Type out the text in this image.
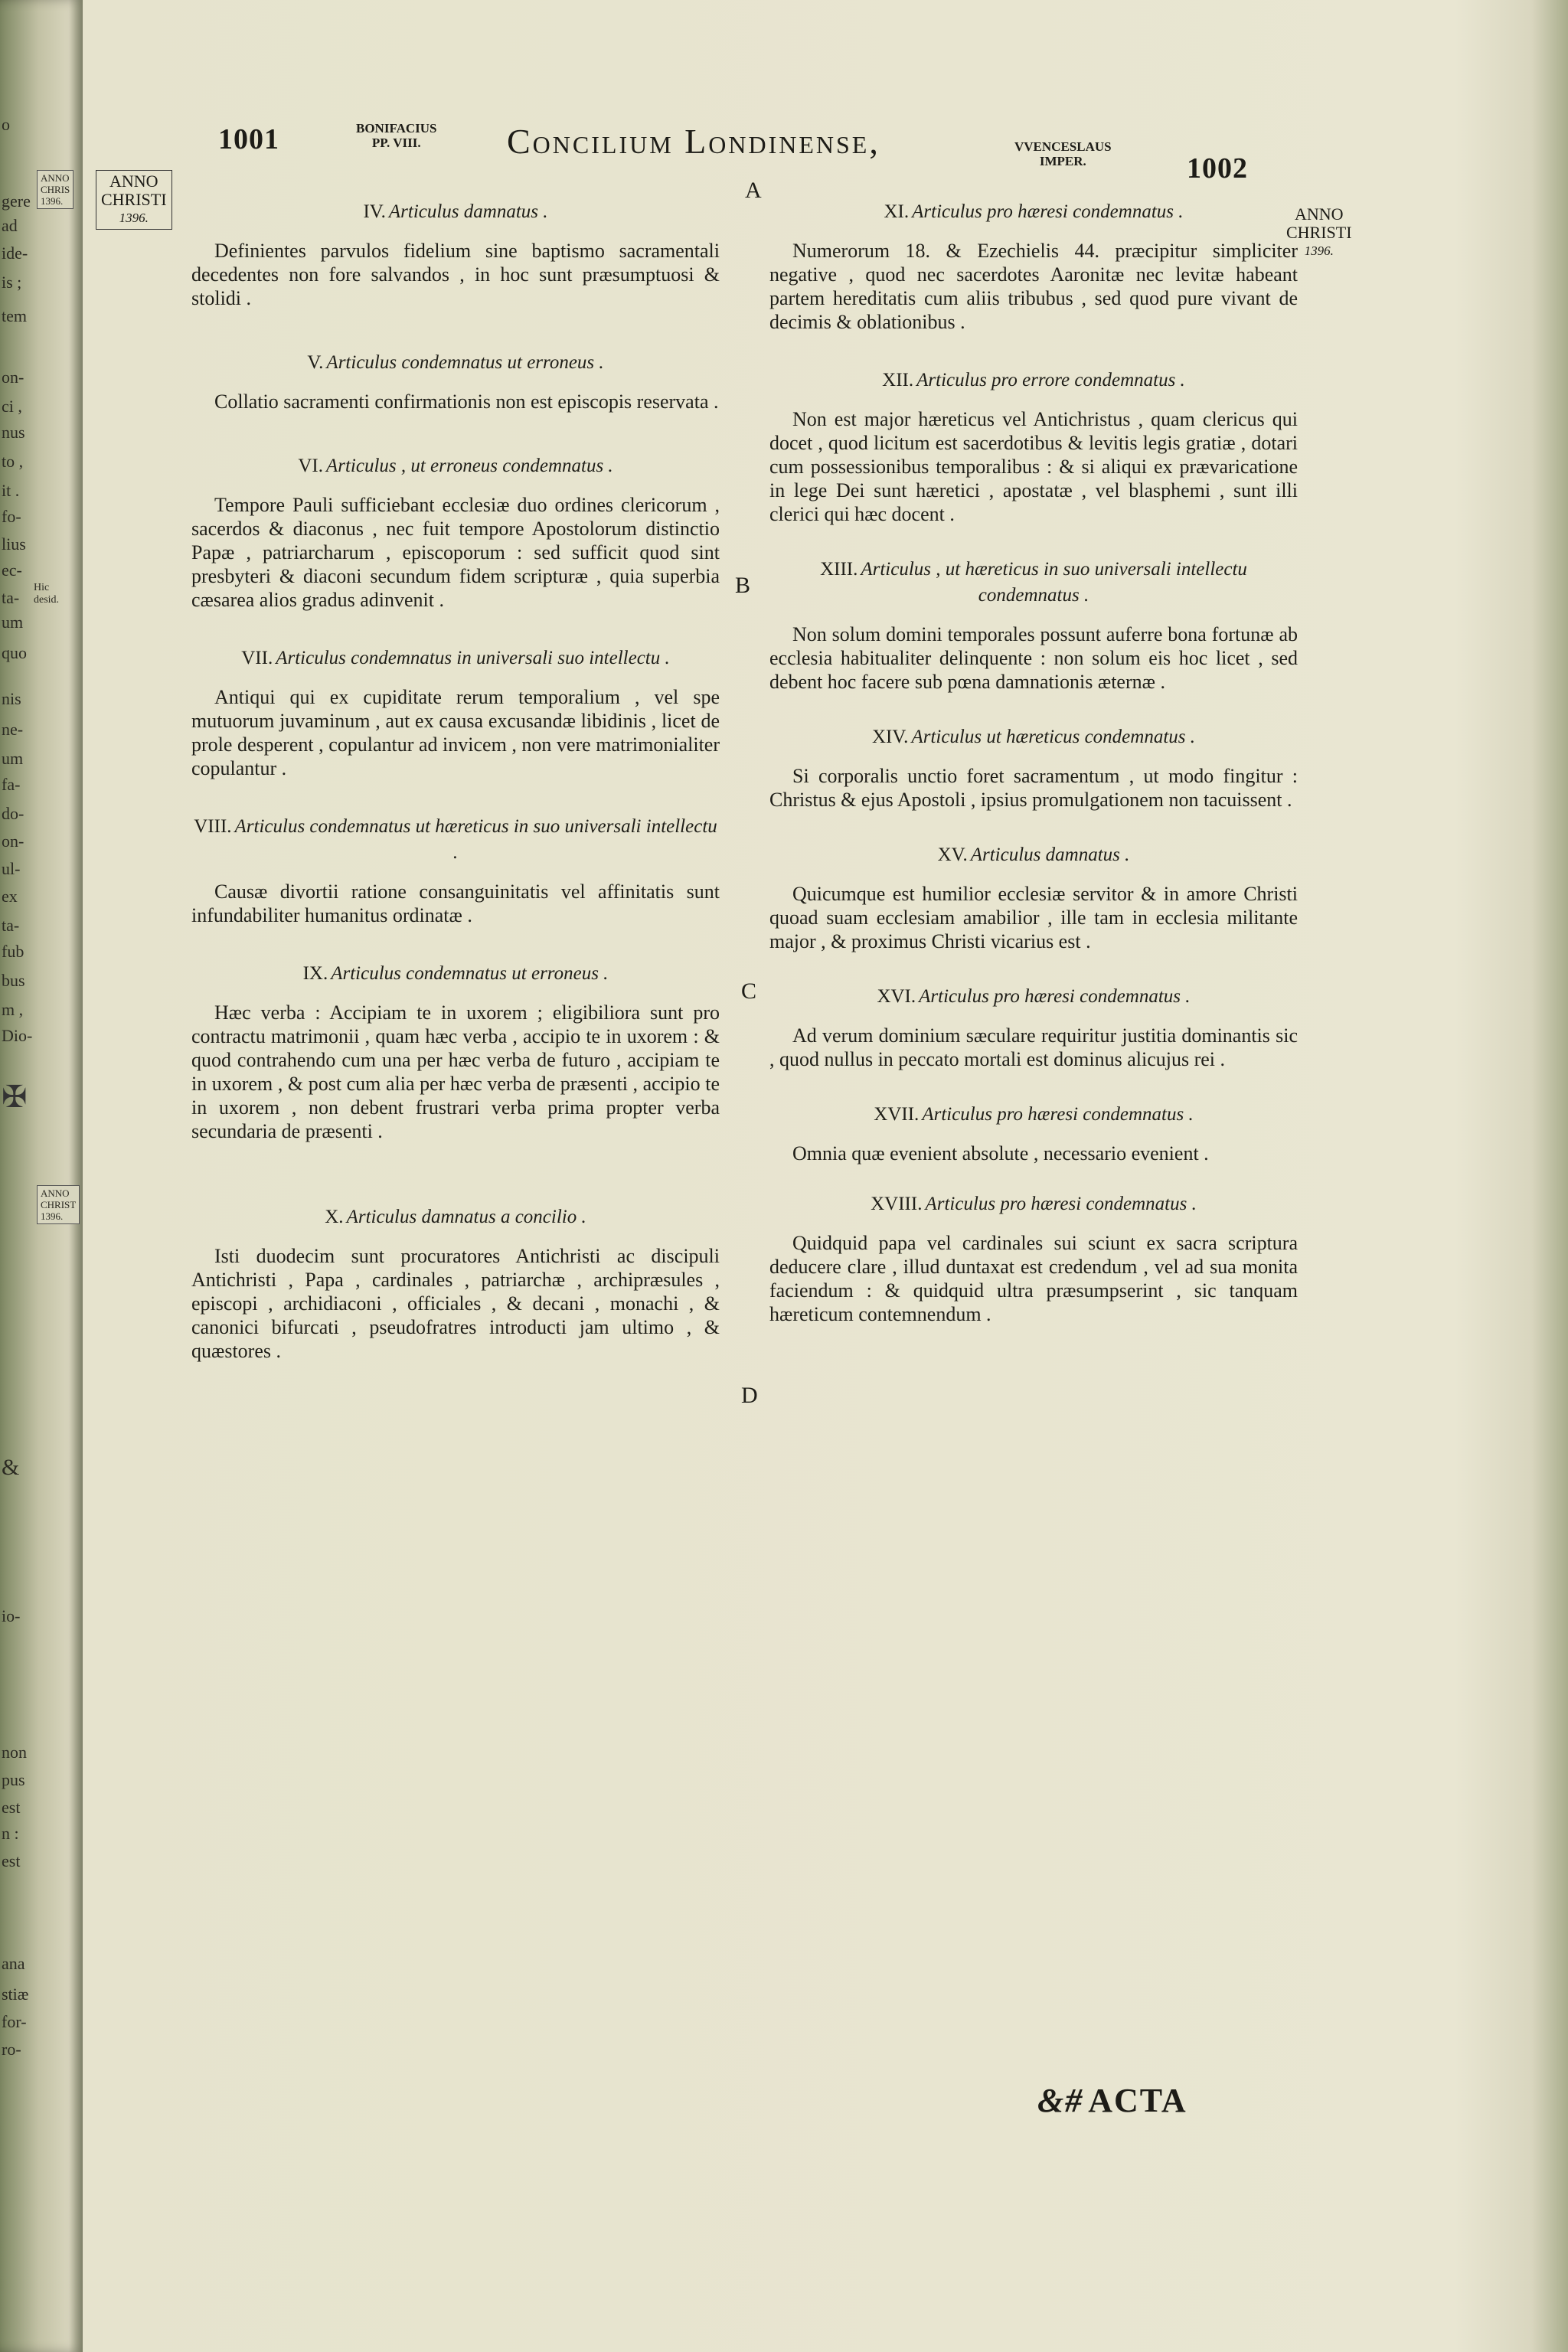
o
gere
ad
ide-
is ;
tem
on-
ci ,
nus
to ,
it .
fo-
lius
ec-
ta-
um
quo
nis
ne-
um
fa-
do-
on-
ul-
ex
ta-
fub
bus
m ,
Dio-
&
io-
non
pus
est
n :
est
ana
stiæ
for-
ro-
ANNO
CHRIS
1396.
Hic desid.
✠
ANNO
CHRIST
1396.
1001	BONIFACIUS
PP. VIII.	Concilium Londinense,	VVENCESLAUS
IMPER.	1002
ANNO
CHRISTI
1396.	ANNO
CHRISTI
1396.
A
B
C
D
IV. Articulus damnatus .
Definientes parvulos fidelium sine baptismo sacramentali decedentes non fore salvandos , in hoc sunt præsumptuosi & stolidi .
V. Articulus condemnatus ut erroneus .
Collatio sacramenti confirmationis non est episcopis reservata .
VI. Articulus , ut erroneus condemnatus .
Tempore Pauli sufficiebant ecclesiæ duo ordines clericorum , sacerdos & diaconus , nec fuit tempore Apostolorum distinctio Papæ , patriarcharum , episcoporum : sed sufficit quod sint presbyteri & diaconi secundum fidem scripturæ , quia superbia cæsarea alios gradus adinvenit .
VII. Articulus condemnatus in universali suo intellectu .
Antiqui qui ex cupiditate rerum temporalium , vel spe mutuorum juvaminum , aut ex causa excusandæ libidinis , licet de prole desperent , copulantur ad invicem , non vere matrimonialiter copulantur .
VIII. Articulus condemnatus ut hæreticus in suo universali intellectu .
Causæ divortii ratione consanguinitatis vel affinitatis sunt infundabiliter humanitus ordinatæ .
IX. Articulus condemnatus ut erroneus .
Hæc verba : Accipiam te in uxorem ; eligibiliora sunt pro contractu matrimonii , quam hæc verba , accipio te in uxorem : & quod contrahendo cum una per hæc verba de futuro , accipiam te in uxorem , & post cum alia per hæc verba de præsenti , accipio te in uxorem , non debent frustrari verba prima propter verba secundaria de præsenti .
X. Articulus damnatus a concilio .
Isti duodecim sunt procuratores Antichristi ac discipuli Antichristi , Papa , cardinales , patriarchæ , archipræsules , episcopi , archidiaconi , officiales , & decani , monachi , & canonici bifurcati , pseudofratres introducti jam ultimo , & quæstores .
XI. Articulus pro hæresi condemnatus .
Numerorum 18. & Ezechielis 44. præcipitur simpliciter negative , quod nec sacerdotes Aaronitæ nec levitæ habeant partem hereditatis cum aliis tribubus , sed quod pure vivant de decimis & oblationibus .
XII. Articulus pro errore condemnatus .
Non est major hæreticus vel Antichristus , quam clericus qui docet , quod licitum est sacerdotibus & levitis legis gratiæ , dotari cum possessionibus temporalibus : & si aliqui ex prævaricatione in lege Dei sunt hæretici , apostatæ , vel blasphemi , sunt illi clerici qui hæc docent .
XIII. Articulus , ut hæreticus in suo universali intellectu condemnatus .
Non solum domini temporales possunt auferre bona fortunæ ab ecclesia habitualiter delinquente : non solum eis hoc licet , sed debent hoc facere sub pœna damnationis æternæ .
XIV. Articulus ut hæreticus condemnatus .
Si corporalis unctio foret sacramentum , ut modo fingitur : Christus & ejus Apostoli , ipsius promulgationem non tacuissent .
XV. Articulus damnatus .
Quicumque est humilior ecclesiæ servitor & in amore Christi quoad suam ecclesiam amabilior , ille tam in ecclesia militante major , & proximus Christi vicarius est .
XVI. Articulus pro hæresi condemnatus .
Ad verum dominium sæculare requiritur justitia dominantis sic , quod nullus in peccato mortali est dominus alicujus rei .
XVII. Articulus pro hæresi condemnatus .
Omnia quæ evenient absolute , necessario evenient .
XVIII. Articulus pro hæresi condemnatus .
Quidquid papa vel cardinales sui sciunt ex sacra scriptura deducere clare , illud duntaxat est credendum , vel ad sua monita faciendum : & quidquid ultra præsumpserint , sic tanquam hæreticum contemnendum .
&# ACTA
